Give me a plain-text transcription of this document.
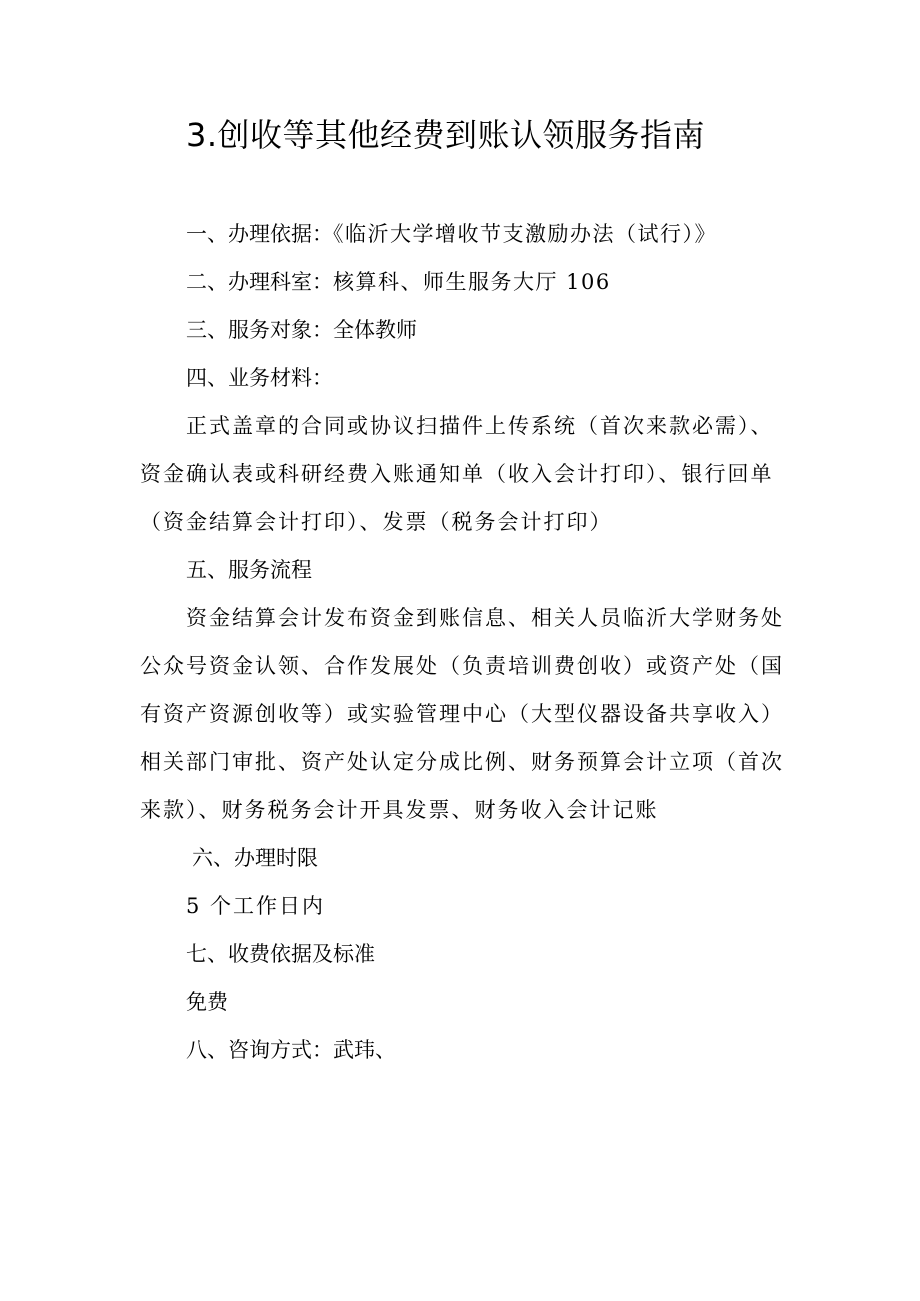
3.创收等其他经费到账认领服务指南
一、办理依据：《临沂大学增收节支激励办法（试行）》
二、办理科室：核算科、师生服务大厅 106
三、服务对象：全体教师
四、业务材料：
正式盖章的合同或协议扫描件上传系统（首次来款必需）、
资金确认表或科研经费入账通知单（收入会计打印）、银行回单
（资金结算会计打印）、发票（税务会计打印）
五、服务流程
资金结算会计发布资金到账信息、相关人员临沂大学财务处
公众号资金认领、合作发展处（负责培训费创收）或资产处（国
有资产资源创收等）或实验管理中心（大型仪器设备共享收入）
相关部门审批、资产处认定分成比例、财务预算会计立项（首次
来款）、财务税务会计开具发票、财务收入会计记账
六、办理时限
5 个工作日内
七、收费依据及标准
免费
八、咨询方式：武玮、
